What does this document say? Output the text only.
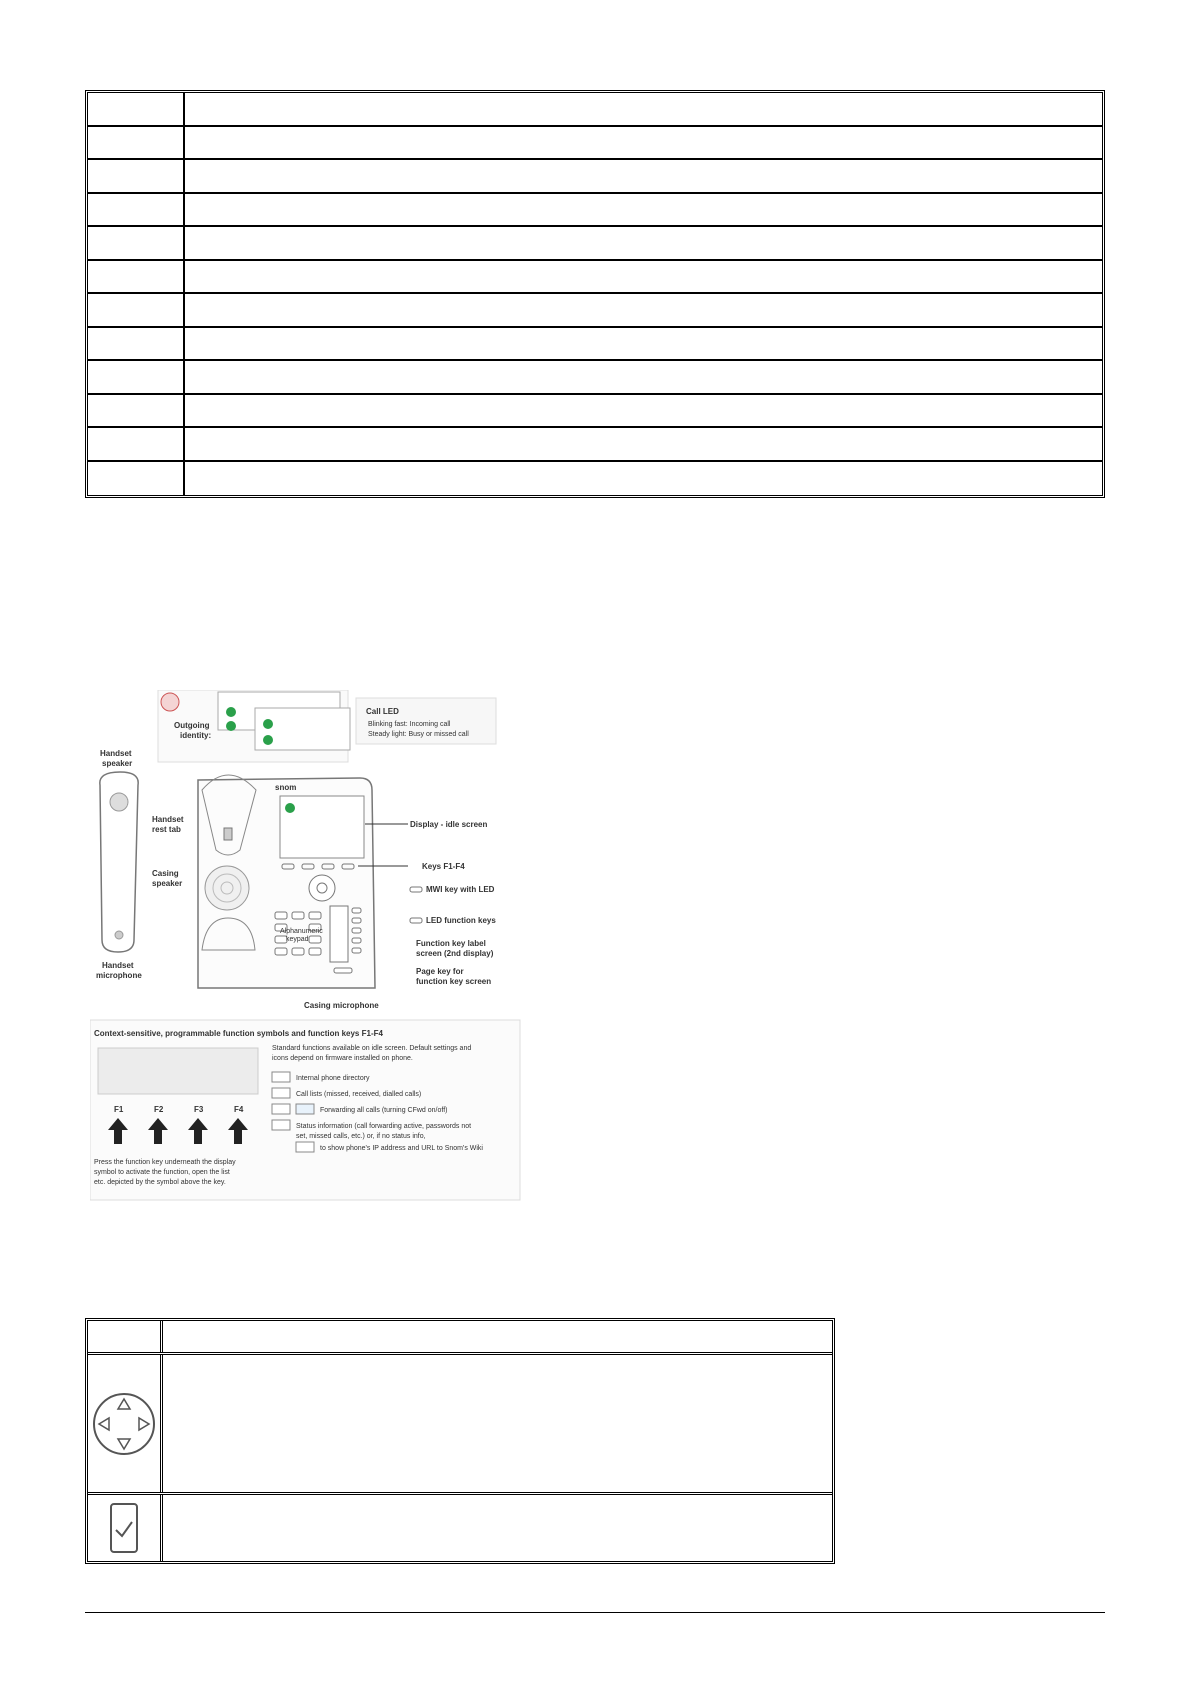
Outgoing
identity:
Call LED
Blinking fast: Incoming call
Steady light: Busy or missed call
Handset
speaker
Handset
microphone
snom
Handset
rest tab
Casing
speaker
Alphanumeric
keypad
Display - idle screen
Keys F1-F4
MWI key with LED
LED function keys
Function key label
screen (2nd display)
Page key for
function key screen
Casing microphone
Context-sensitive, programmable function symbols and function keys F1-F4
F1	F2	F3	F4
Press the function key underneath the display
symbol to activate the function, open the list
etc. depicted by the symbol above the key.
Standard functions available on idle screen. Default settings and
icons depend on firmware installed on phone.
Internal phone directory
Call lists (missed, received, dialled calls)
Forwarding all calls (turning CFwd on/off)
Status information (call forwarding active, passwords not
set, missed calls, etc.) or, if no status info,
to show phone's IP address and URL to Snom's Wiki
